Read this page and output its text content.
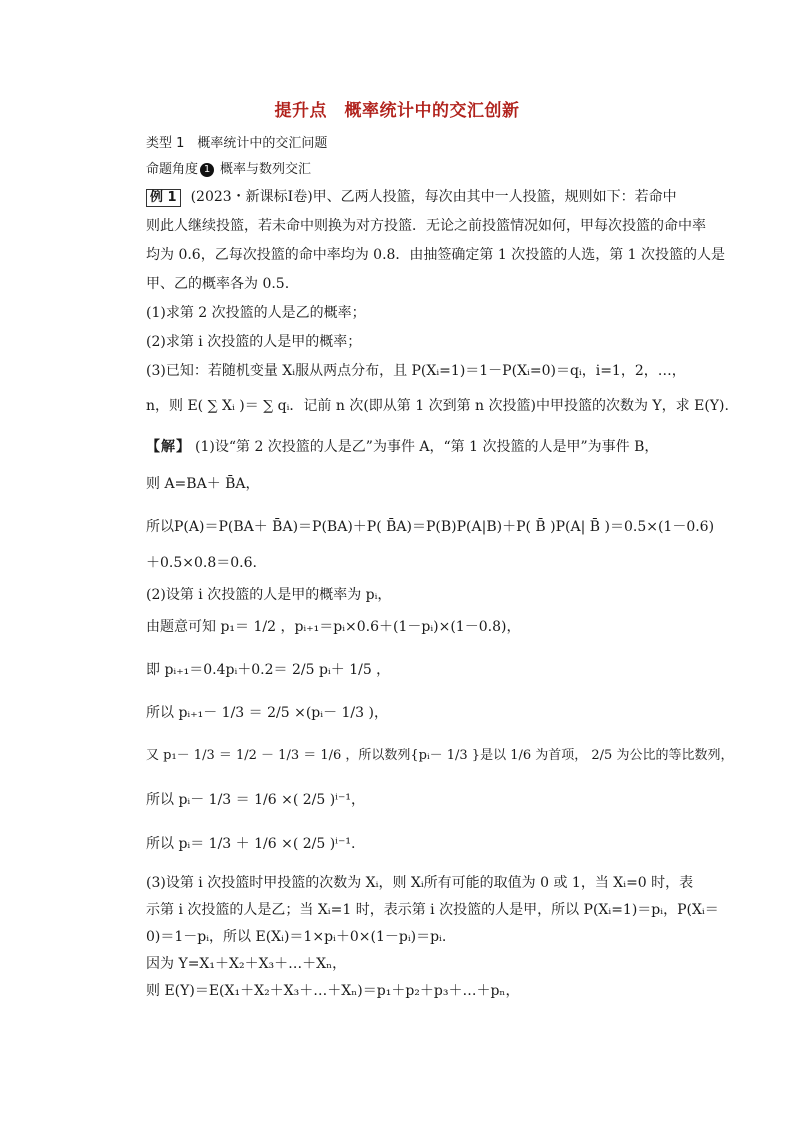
提升点　概率统计中的交汇创新
类型 1　概率统计中的交汇问题
命题角度 1 概率与数列交汇
例 1 (2023・新课标Ⅰ卷)甲、乙两人投篮，每次由其中一人投篮，规则如下：若命中
则此人继续投篮，若未命中则换为对方投篮．无论之前投篮情况如何，甲每次投篮的命中率
均为 0.6，乙每次投篮的命中率均为 0.8．由抽签确定第 1 次投篮的人选，第 1 次投篮的人是
甲、乙的概率各为 0.5.
(1)求第 2 次投篮的人是乙的概率；
(2)求第 i 次投篮的人是甲的概率；
(3)已知：若随机变量 Xᵢ服从两点分布，且 P(Xᵢ=1)＝1－P(Xᵢ=0)＝qᵢ，i=1，2，…，
n，则 E( ∑ Xᵢ )＝ ∑ qᵢ．记前 n 次(即从第 1 次到第 n 次投篮)中甲投篮的次数为 Y，求 E(Y).
【解】 (1)设“第 2 次投篮的人是乙”为事件 A，“第 1 次投篮的人是甲”为事件 B，
则 A=BA＋ B̄A，
所以P(A)＝P(BA＋ B̄A)＝P(BA)＋P( B̄A)＝P(B)P(A|B)＋P( B̄ )P(A| B̄ )＝0.5×(1－0.6)
＋0.5×0.8＝0.6.
(2)设第 i 次投篮的人是甲的概率为 pᵢ，
由题意可知 p₁＝ 1/2 ，pᵢ₊₁＝pᵢ×0.6＋(1－pᵢ)×(1－0.8)，
即 pᵢ₊₁＝0.4pᵢ＋0.2＝ 2/5 pᵢ＋ 1/5 ，
所以 pᵢ₊₁－ 1/3 ＝ 2/5 ×(pᵢ－ 1/3 )，
又 p₁－ 1/3 ＝ 1/2 － 1/3 ＝ 1/6 ，所以数列{pᵢ－ 1/3 }是以 1/6 为首项， 2/5 为公比的等比数列，
所以 pᵢ－ 1/3 ＝ 1/6 ×( 2/5 )ⁱ⁻¹，
所以 pᵢ＝ 1/3 ＋ 1/6 ×( 2/5 )ⁱ⁻¹.
(3)设第 i 次投篮时甲投篮的次数为 Xᵢ，则 Xᵢ所有可能的取值为 0 或 1，当 Xᵢ=0 时，表
示第 i 次投篮的人是乙；当 Xᵢ=1 时，表示第 i 次投篮的人是甲，所以 P(Xᵢ=1)＝pᵢ，P(Xᵢ＝
0)＝1－pᵢ，所以 E(Xᵢ)＝1×pᵢ＋0×(1－pᵢ)＝pᵢ.
因为 Y=X₁＋X₂＋X₃＋…＋Xₙ，
则 E(Y)＝E(X₁＋X₂＋X₃＋…＋Xₙ)＝p₁＋p₂＋p₃＋…＋pₙ，
